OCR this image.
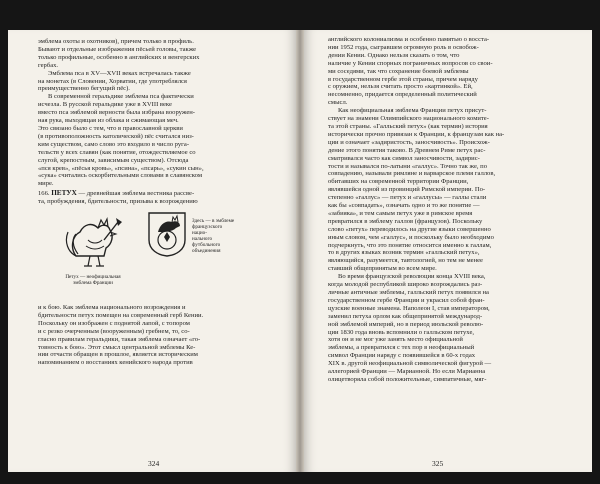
эмблема охоты и охотников), причем только в профиль.
Бывают и отдельные изображения пёсьей головы, также
только профильные, особенно в английских и венгерских
гербах.
Эмблема пса в XV—XVII веках встречалась также
на монетах (в Словении, Хорватии, где употреблялся
преимущественно бегущий пёс).
В современной геральдике эмблема пса фактически
исчезла. В русской геральдике уже в XVIII веке
вместо пса эмблемой верности была избрана вооружен-
ная рука, выходящая из облака и сжимающая меч.
Это связано было с тем, что в православной церкви
(в противоположность католической) пёс считался низ-
ким существом, само слово это входило в число руга-
тельств у всех славян (как понятие, отождествляемое со
слугой, крепостным, зависимым существом). Отсюда
«пся крев», «пёсья кровь», «псина», «псарь», «сукин сын»,
«сука» считались оскорбительными словами в славянском
мире.
166. ПЕТУХ — древнейшая эмблема вестника рассве-
та, пробуждения, бдительности, призыва к возрождению
Петух — неофициальная
эмблема Франции
Здесь — в эмблеме
французского нацио-
нального футбольного
объединения
и к бою. Как эмблема национального возрождения и
бдительности петух помещен на современный герб Кении.
Поскольку он изображен с поднятой лапой, с топором
и с резко очерченным (вооруженным) гребнем, то, со-
гласно правилам геральдики, такая эмблема означает «го-
товность к бою». Этот смысл центральной эмблемы Ке-
нии отчасти обращен в прошлое, является историческим
напоминанием о восстаниях кенийского народа против
324
английского колониализма и особенно памятью о восста-
нии 1952 года, сыгравшем огромную роль в освобож-
дении Кении. Однако нельзя сказать о том, что
наличие у Кении спорных пограничных вопросов со свои-
ми соседями, так что сохранение боевой эмблемы
в государственном гербе этой страны, причем наряду
с оружием, нельзя считать просто «картинкой». Ей,
несомненно, придается определенный политический
смысл.
Как неофициальная эмблема Франции петух присут-
ствует на знамени Олимпийского национального комите-
та этой страны. «Галльский петух» (как термин) история
исторически прочно привязан к Франции, к французам как на-
ции и означает «задиристость, заносчивость». Происхож-
дение этого понятия таково. В Древнем Риме петух рас-
сматривался часто как символ заносчивости, задирис-
тости и назывался по-латыни «галлус». Точно так же, по
совпадению, называли римляне и варварское племя галлов,
обитавших на современной территории Франции,
являвшейся одной из провинций Римской империи. По-
степенно «галлус» — петух и «галлусы» — галлы стали
как бы «совпадать», означать одно и то же понятие —
«забияка», и тем самым петух уже в римское время
превратился в эмблему галлов (французов). Поскольку
слово «петух» переводилось на другие языки совершенно
иным словом, чем «галлус», и поскольку было необходимо
подчеркнуть, что это понятие относится именно к галлам,
то в других языках возник термин «галльский петух»,
являющийся, разумеется, тавтологией, но тем не менее
ставший общепринятым во всем мире.
Во время французской революции конца XVIII века,
когда молодой республикой широко возрождались раз-
личные античные эмблемы, галльский петух появился на
государственном гербе Франции и украсил собой фран-
цузские военные знамена. Наполеон I, став императором,
заменил петуха орлом как общепринятой международ-
ной эмблемой империй, но в период июльской револю-
ции 1830 года вновь вспомнили о галльском петухе,
хотя он и не мог уже занять место официальной
эмблемы, а превратился с тех пор в неофициальный
символ Франции наряду с появившейся в 60-х годах
XIX в. другой неофициальной символической фигурой —
аллегорией Франции — Марианной. Но если Марианна
олицетворяла собой положительные, симпатичные, мяг-
325
